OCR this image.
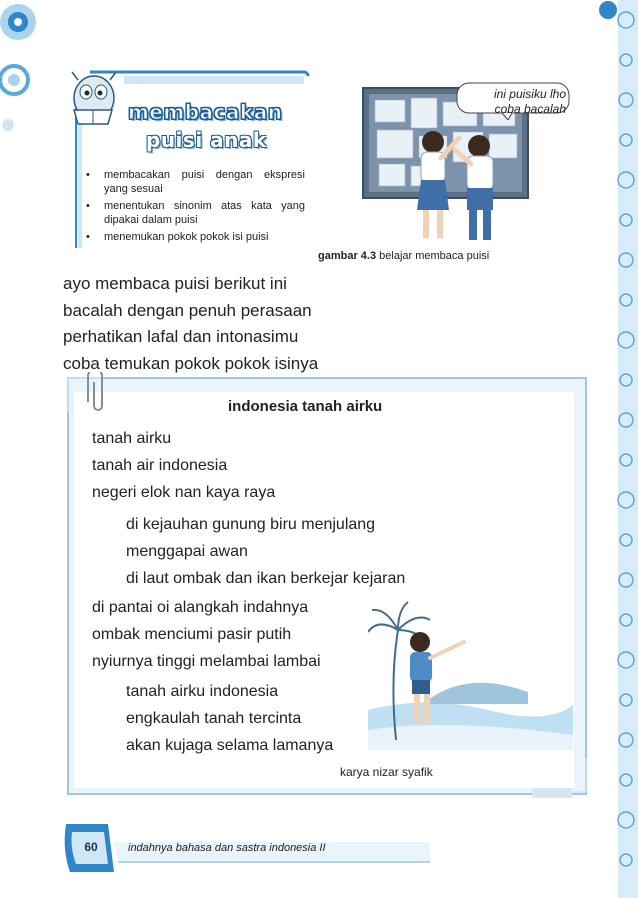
membacakan
puisi anak
• membacakan puisi dengan ekspresi yang sesuai
• menentukan sinonim atas kata yang dipakai dalam puisi
• menemukan pokok pokok isi puisi
ini puisiku lho
coba bacalah
gambar 4.3 belajar membaca puisi
ayo membaca puisi berikut ini
bacalah dengan penuh perasaan
perhatikan lafal dan intonasimu
coba temukan pokok pokok isinya
indonesia tanah airku
tanah airku
tanah air indonesia
negeri elok nan kaya raya
di kejauhan gunung biru menjulang
menggapai awan
di laut ombak dan ikan berkejar kejaran
di pantai oi alangkah indahnya
ombak menciumi pasir putih
nyiurnya tinggi melambai lambai
tanah airku indonesia
engkaulah tanah tercinta
akan kujaga selama lamanya
karya nizar syafik
60	indahnya bahasa dan sastra indonesia II
